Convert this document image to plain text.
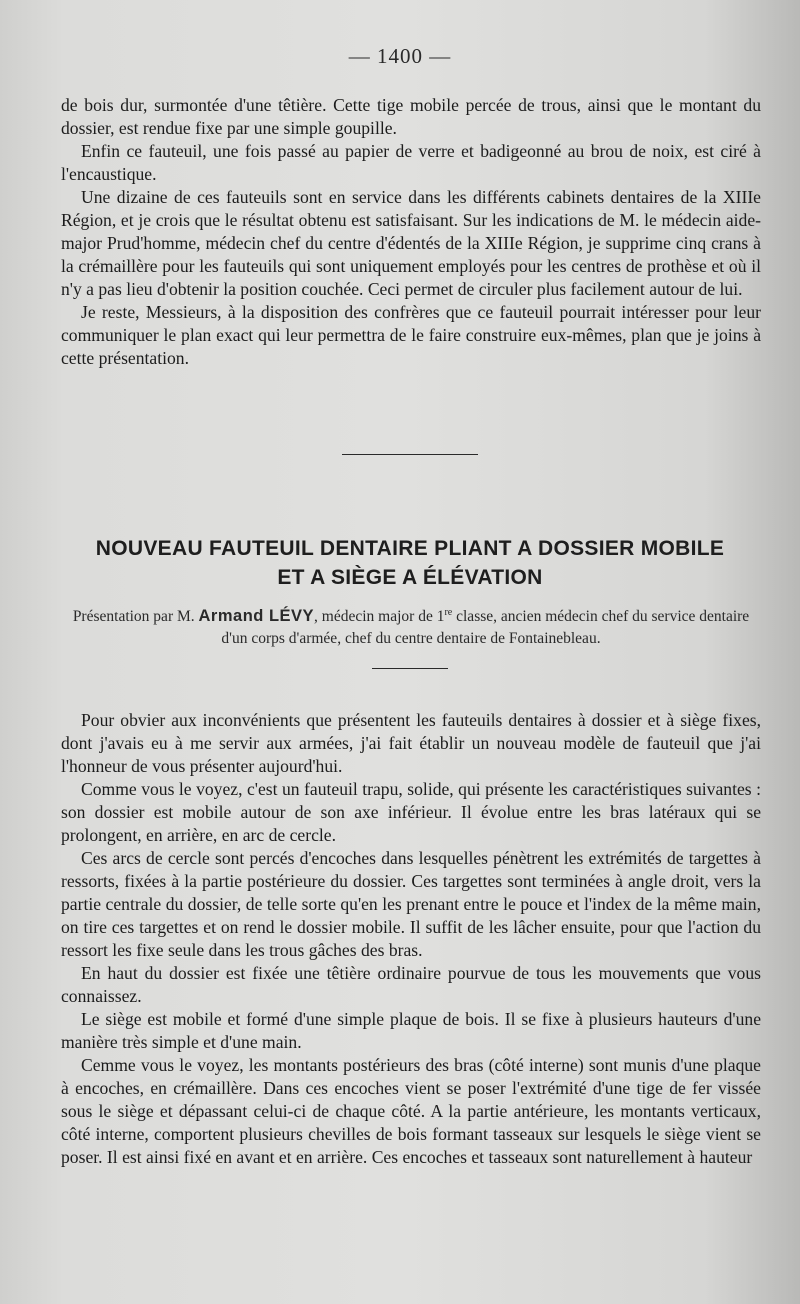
— 1400 —

de bois dur, surmontée d'une têtière. Cette tige mobile percée de trous, ainsi que le montant du dossier, est rendue fixe par une simple goupille.

Enfin ce fauteuil, une fois passé au papier de verre et badigeonné au brou de noix, est ciré à l'encaustique.

Une dizaine de ces fauteuils sont en service dans les différents cabinets dentaires de la XIIIe Région, et je crois que le résultat obtenu est satisfaisant. Sur les indications de M. le médecin aide-major Prud'homme, médecin chef du centre d'édentés de la XIIIe Région, je supprime cinq crans à la crémaillère pour les fauteuils qui sont uniquement employés pour les centres de prothèse et où il n'y a pas lieu d'obtenir la position couchée. Ceci permet de circuler plus facilement autour de lui.

Je reste, Messieurs, à la disposition des confrères que ce fauteuil pourrait intéresser pour leur communiquer le plan exact qui leur permettra de le faire construire eux-mêmes, plan que je joins à cette présentation.

NOUVEAU FAUTEUIL DENTAIRE PLIANT A DOSSIER MOBILE
ET A SIÈGE A ÉLÉVATION
Présentation par M. Armand LÉVY, médecin major de 1re classe, ancien médecin chef du service dentaire d'un corps d'armée, chef du centre dentaire de Fontainebleau.

Pour obvier aux inconvénients que présentent les fauteuils dentaires à dossier et à siège fixes, dont j'avais eu à me servir aux armées, j'ai fait établir un nouveau modèle de fauteuil que j'ai l'honneur de vous présenter aujourd'hui.

Comme vous le voyez, c'est un fauteuil trapu, solide, qui présente les caractéristiques suivantes : son dossier est mobile autour de son axe inférieur. Il évolue entre les bras latéraux qui se prolongent, en arrière, en arc de cercle.

Ces arcs de cercle sont percés d'encoches dans lesquelles pénètrent les extrémités de targettes à ressorts, fixées à la partie postérieure du dossier. Ces targettes sont terminées à angle droit, vers la partie centrale du dossier, de telle sorte qu'en les prenant entre le pouce et l'index de la même main, on tire ces targettes et on rend le dossier mobile. Il suffit de les lâcher ensuite, pour que l'action du ressort les fixe seule dans les trous gâches des bras.

En haut du dossier est fixée une têtière ordinaire pourvue de tous les mouvements que vous connaissez.

Le siège est mobile et formé d'une simple plaque de bois. Il se fixe à plusieurs hauteurs d'une manière très simple et d'une main.

Cemme vous le voyez, les montants postérieurs des bras (côté interne) sont munis d'une plaque à encoches, en crémaillère. Dans ces encoches vient se poser l'extrémité d'une tige de fer vissée sous le siège et dépassant celui-ci de chaque côté. A la partie antérieure, les montants verticaux, côté interne, comportent plusieurs chevilles de bois formant tasseaux sur lesquels le siège vient se poser. Il est ainsi fixé en avant et en arrière. Ces encoches et tasseaux sont naturellement à hauteur
